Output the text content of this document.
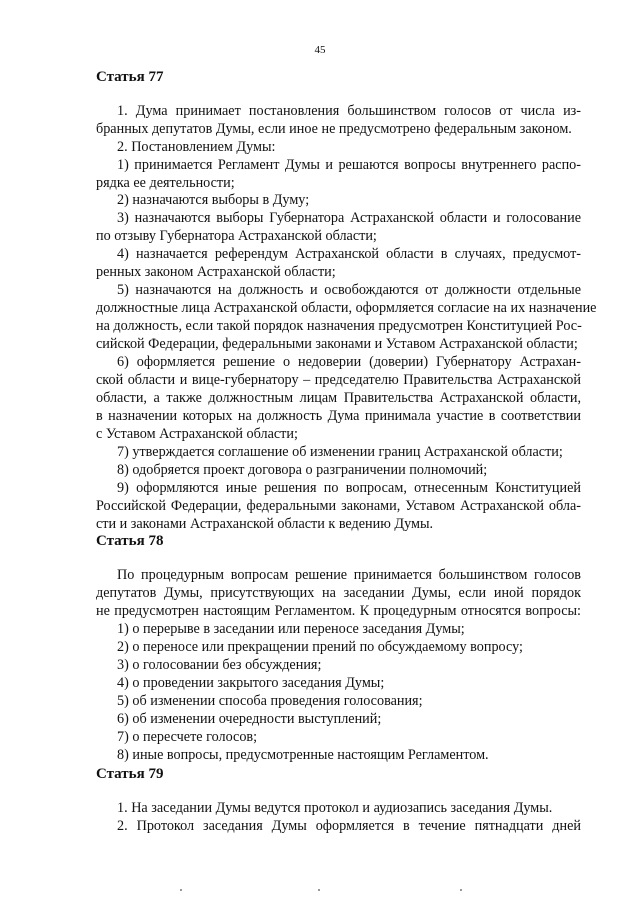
45
Статья 77
1. Дума принимает постановления большинством голосов от числа из-
бранных депутатов Думы, если иное не предусмотрено федеральным законом.
2. Постановлением Думы:
1) принимается Регламент Думы и решаются вопросы внутреннего распо-
рядка ее деятельности;
2) назначаются выборы в Думу;
3) назначаются выборы Губернатора Астраханской области и голосование
по отзыву Губернатора Астраханской области;
4) назначается референдум Астраханской области в случаях, предусмот-
ренных законом Астраханской области;
5) назначаются на должность и освобождаются от должности отдельные
должностные лица Астраханской области, оформляется согласие на их назначение
на должность, если такой порядок назначения предусмотрен Конституцией Рос-
сийской Федерации, федеральными законами и Уставом Астраханской области;
6) оформляется решение о недоверии (доверии) Губернатору Астрахан-
ской области и вице-губернатору – председателю Правительства Астраханской
области, а также должностным лицам Правительства Астраханской области,
в назначении которых на должность Дума принимала участие в соответствии
с Уставом Астраханской области;
7) утверждается соглашение об изменении границ Астраханской области;
8) одобряется проект договора о разграничении полномочий;
9) оформляются иные решения по вопросам, отнесенным Конституцией
Российской Федерации, федеральными законами, Уставом Астраханской обла-
сти и законами Астраханской области к ведению Думы.
Статья 78
По процедурным вопросам решение принимается большинством голосов
депутатов Думы, присутствующих на заседании Думы, если иной порядок
не предусмотрен настоящим Регламентом. К процедурным относятся вопросы:
1) о перерыве в заседании или переносе заседания Думы;
2) о переносе или прекращении прений по обсуждаемому вопросу;
3) о голосовании без обсуждения;
4) о проведении закрытого заседания Думы;
5) об изменении способа проведения голосования;
6) об изменении очередности выступлений;
7) о пересчете голосов;
8) иные вопросы, предусмотренные настоящим Регламентом.
Статья 79
1. На заседании Думы ведутся протокол и аудиозапись заседания Думы.
2. Протокол заседания Думы оформляется в течение пятнадцати дней
